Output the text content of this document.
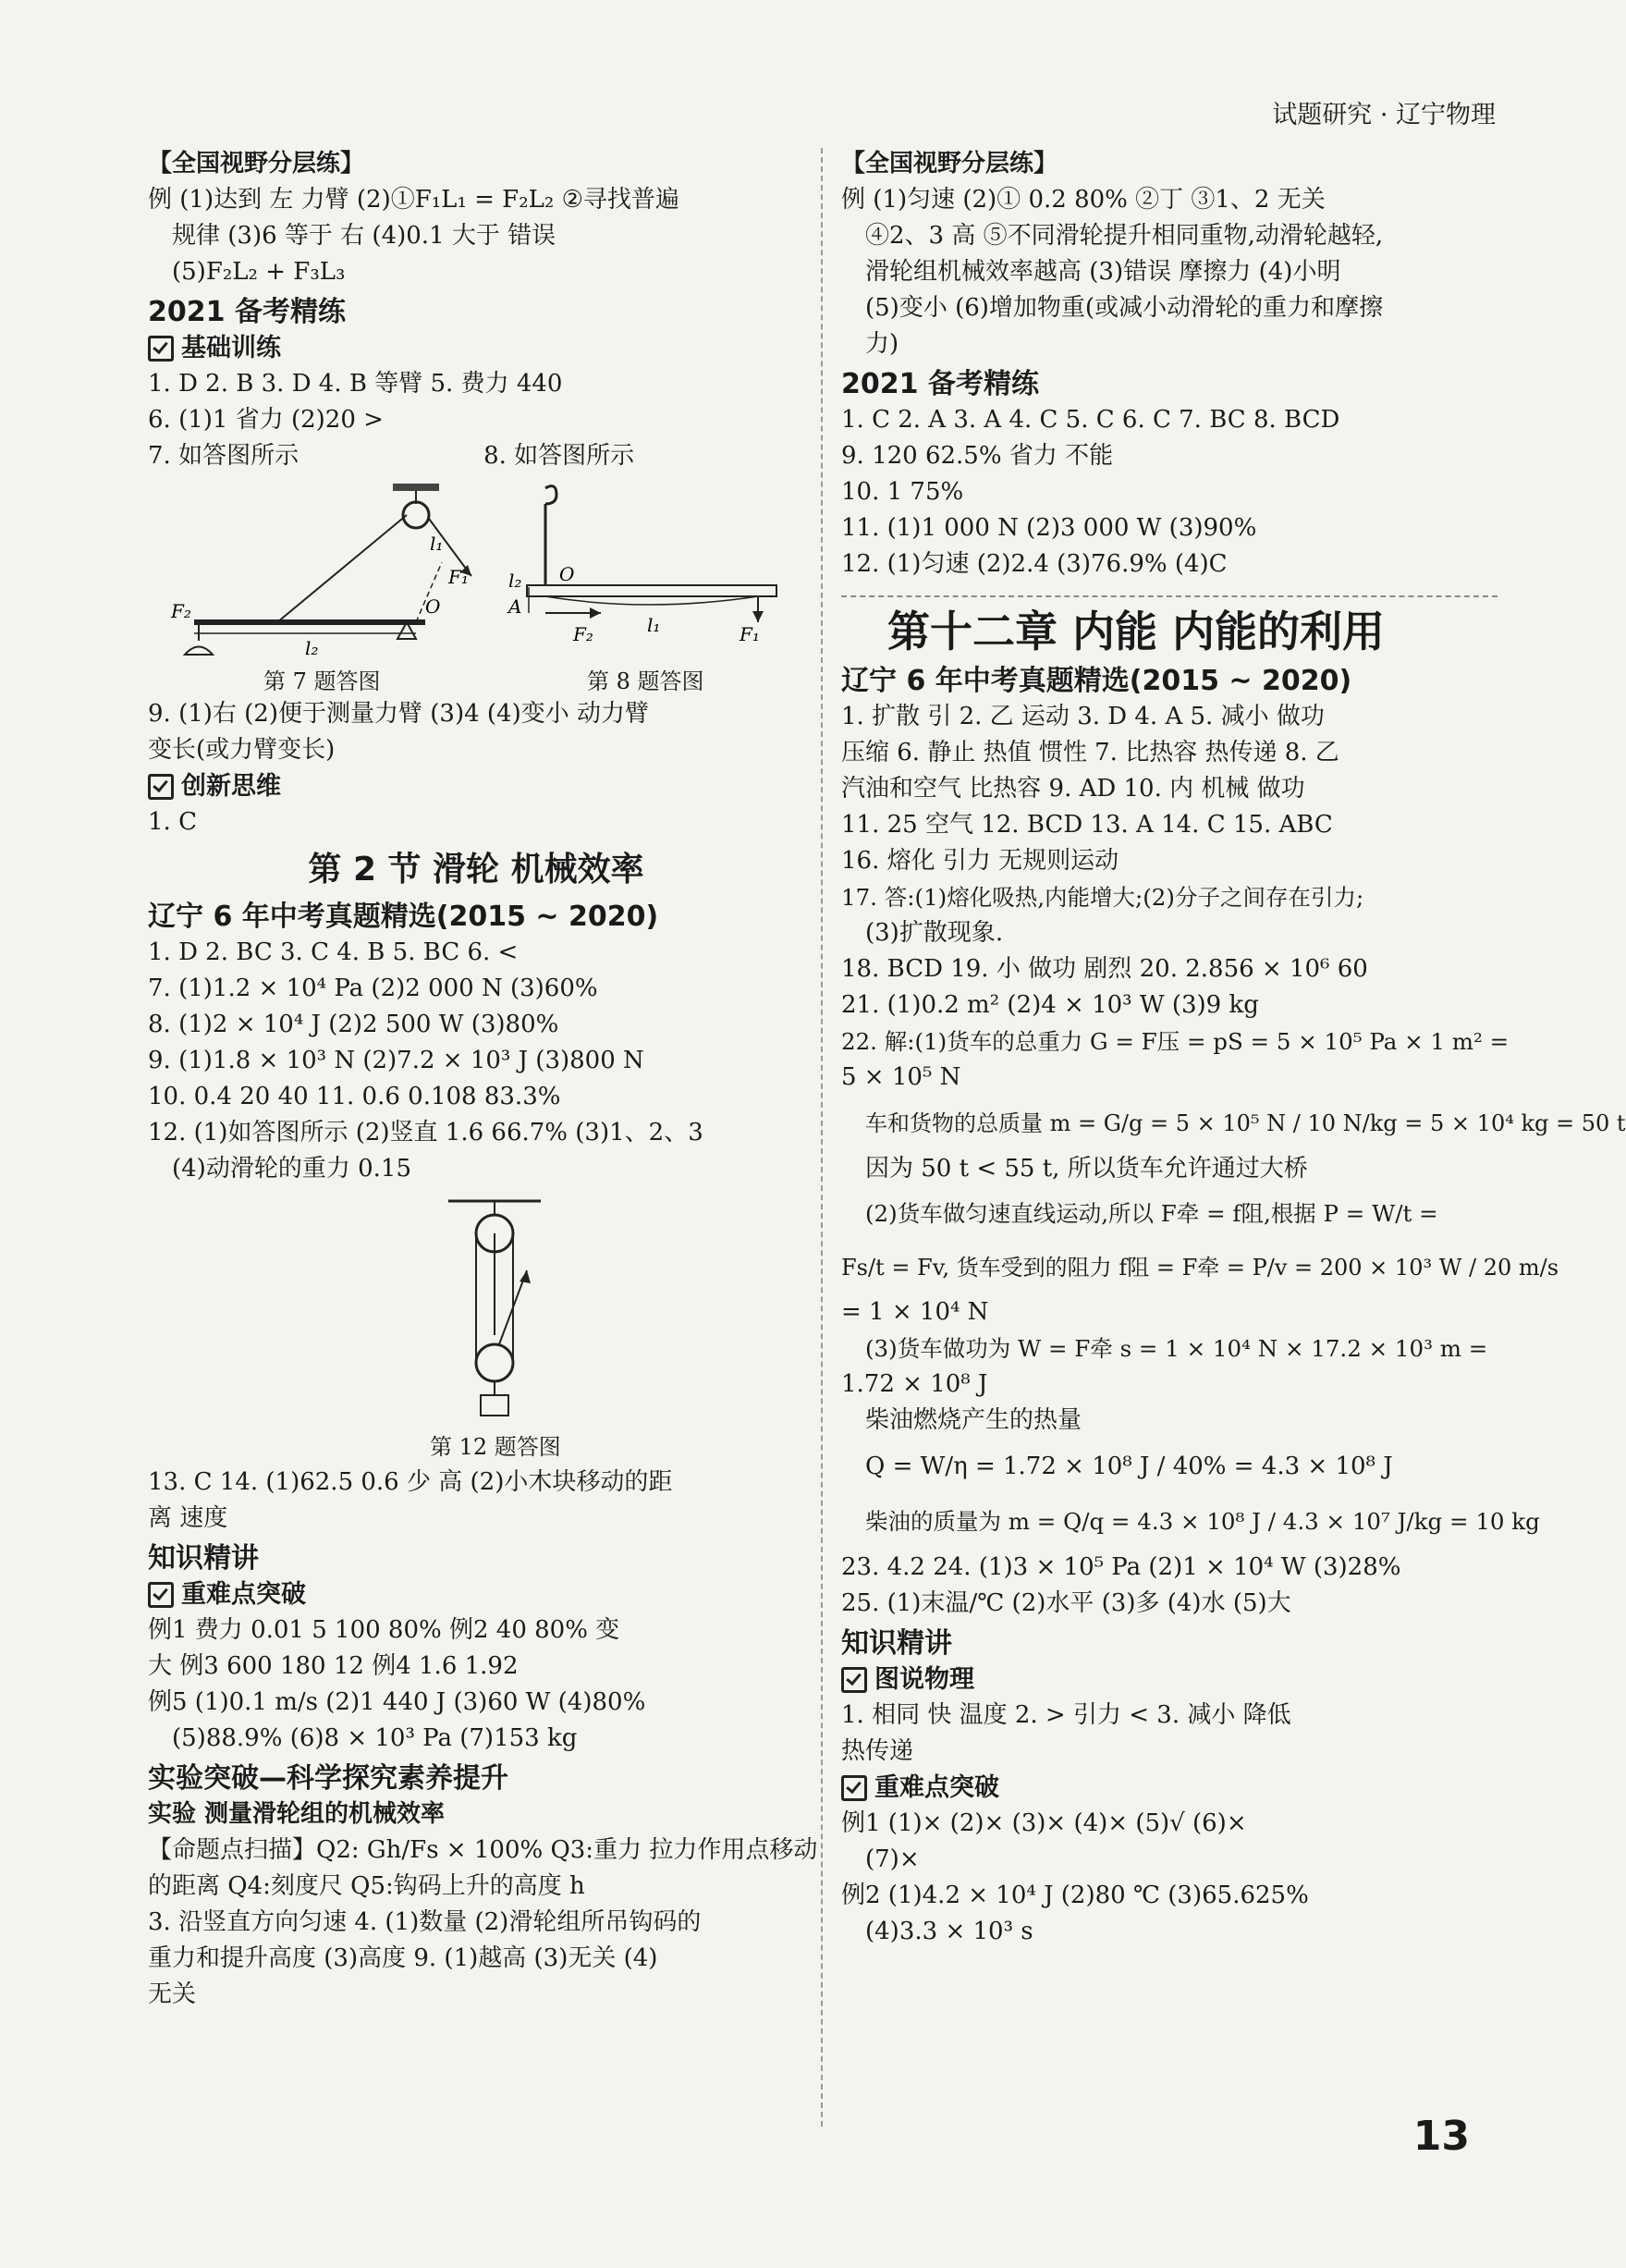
试题研究 · 辽宁物理
【全国视野分层练】
例 (1)达到 左 力臂 (2)①F₁L₁ = F₂L₂ ②寻找普遍
规律 (3)6 等于 右 (4)0.1 大于 错误
(5)F₂L₂ + F₃L₃
2021 备考精练
基础训练
1. D 2. B 3. D 4. B 等臂 5. 费力 440
6. (1)1 省力 (2)20 >
7. 如答图所示	8. 如答图所示
O
F₂
l₂
l₁
F₁
第 7 题答图
O
A
l₂
l₁
F₂	F₁
第 8 题答图
9. (1)右 (2)便于测量力臂 (3)4 (4)变小 动力臂
变长(或力臂变长)
创新思维
1. C
第 2 节 滑轮 机械效率
辽宁 6 年中考真题精选(2015 ~ 2020)
1. D 2. BC 3. C 4. B 5. BC 6. <
7. (1)1.2 × 10⁴ Pa (2)2 000 N (3)60%
8. (1)2 × 10⁴ J (2)2 500 W (3)80%
9. (1)1.8 × 10³ N (2)7.2 × 10³ J (3)800 N
10. 0.4 20 40 11. 0.6 0.108 83.3%
12. (1)如答图所示 (2)竖直 1.6 66.7% (3)1、2、3
(4)动滑轮的重力 0.15
第 12 题答图
13. C 14. (1)62.5 0.6 少 高 (2)小木块移动的距
离 速度
知识精讲
重难点突破
例1 费力 0.01 5 100 80% 例2 40 80% 变
大 例3 600 180 12 例4 1.6 1.92
例5 (1)0.1 m/s (2)1 440 J (3)60 W (4)80%
(5)88.9% (6)8 × 10³ Pa (7)153 kg
实验突破—科学探究素养提升
实验 测量滑轮组的机械效率
【命题点扫描】Q2: Gh/Fs × 100% Q3:重力 拉力作用点移动
的距离 Q4:刻度尺 Q5:钩码上升的高度 h
3. 沿竖直方向匀速 4. (1)数量 (2)滑轮组所吊钩码的
重力和提升高度 (3)高度 9. (1)越高 (3)无关 (4)
无关
【全国视野分层练】
例 (1)匀速 (2)① 0.2 80% ②丁 ③1、2 无关
④2、3 高 ⑤不同滑轮提升相同重物,动滑轮越轻,
滑轮组机械效率越高 (3)错误 摩擦力 (4)小明
(5)变小 (6)增加物重(或减小动滑轮的重力和摩擦
力)
2021 备考精练
1. C 2. A 3. A 4. C 5. C 6. C 7. BC 8. BCD
9. 120 62.5% 省力 不能
10. 1 75%
11. (1)1 000 N (2)3 000 W (3)90%
12. (1)匀速 (2)2.4 (3)76.9% (4)C
第十二章 内能 内能的利用
辽宁 6 年中考真题精选(2015 ~ 2020)
1. 扩散 引 2. 乙 运动 3. D 4. A 5. 减小 做功
压缩 6. 静止 热值 惯性 7. 比热容 热传递 8. 乙
汽油和空气 比热容 9. AD 10. 内 机械 做功
11. 25 空气 12. BCD 13. A 14. C 15. ABC
16. 熔化 引力 无规则运动
17. 答:(1)熔化吸热,内能增大;(2)分子之间存在引力;
(3)扩散现象.
18. BCD 19. 小 做功 剧烈 20. 2.856 × 10⁶ 60
21. (1)0.2 m² (2)4 × 10³ W (3)9 kg
22. 解:(1)货车的总重力 G = F压 = pS = 5 × 10⁵ Pa × 1 m² =
5 × 10⁵ N
车和货物的总质量 m = G/g = 5 × 10⁵ N / 10 N/kg = 5 × 10⁴ kg = 50 t
因为 50 t < 55 t, 所以货车允许通过大桥
(2)货车做匀速直线运动,所以 F牵 = f阻,根据 P = W/t =
Fs/t = Fv, 货车受到的阻力 f阻 = F牵 = P/v = 200 × 10³ W / 20 m/s
= 1 × 10⁴ N
(3)货车做功为 W = F牵 s = 1 × 10⁴ N × 17.2 × 10³ m =
1.72 × 10⁸ J
柴油燃烧产生的热量
Q = W/η = 1.72 × 10⁸ J / 40% = 4.3 × 10⁸ J
柴油的质量为 m = Q/q = 4.3 × 10⁸ J / 4.3 × 10⁷ J/kg = 10 kg
23. 4.2 24. (1)3 × 10⁵ Pa (2)1 × 10⁴ W (3)28%
25. (1)末温/℃ (2)水平 (3)多 (4)水 (5)大
知识精讲
图说物理
1. 相同 快 温度 2. > 引力 < 3. 减小 降低
热传递
重难点突破
例1 (1)× (2)× (3)× (4)× (5)√ (6)×
(7)×
例2 (1)4.2 × 10⁴ J (2)80 ℃ (3)65.625%
(4)3.3 × 10³ s
13
